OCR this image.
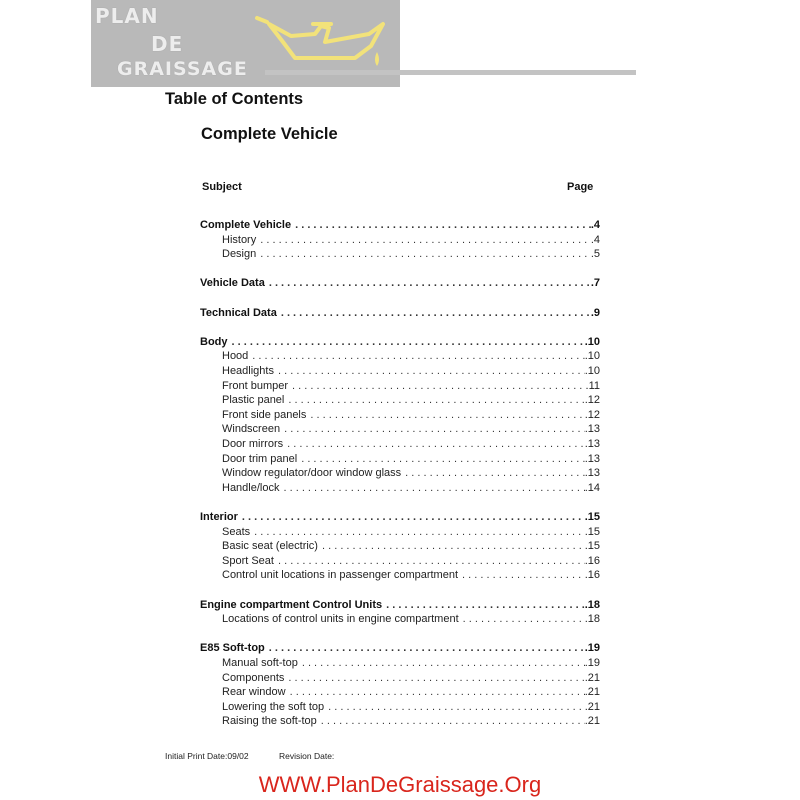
PLAN
DE
GRAISSAGE
Table of Contents
Complete Vehicle
Subject	Page
Complete Vehicle . . .	.4
History . . .	.4
Design . . .	.5
Vehicle Data . . .	.7
Technical Data . . .	.9
Body . . .	.10
Hood . . .	.10
Headlights . . .	.10
Front bumper . . .	.11
Plastic panel . . .	.12
Front side panels . . .	.12
Windscreen . . .	.13
Door mirrors . . .	.13
Door trim panel . . .	.13
Window regulator/door window glass . . .	.13
Handle/lock . . .	.14
Interior . . .	.15
Seats . . .	.15
Basic seat (electric) . . .	.15
Sport Seat . . .	.16
Control unit locations in passenger compartment . . .	.16
Engine compartment Control Units . . .	.18
Locations of control units in engine compartment . . .	.18
E85 Soft-top . . .	.19
Manual soft-top . . .	.19
Components . . .	.21
Rear window . . .	.21
Lowering the soft top . . .	.21
Raising the soft-top . . .	.21
Initial Print Date:09/02	Revision Date:
WWW.PlanDeGraissage.Org
